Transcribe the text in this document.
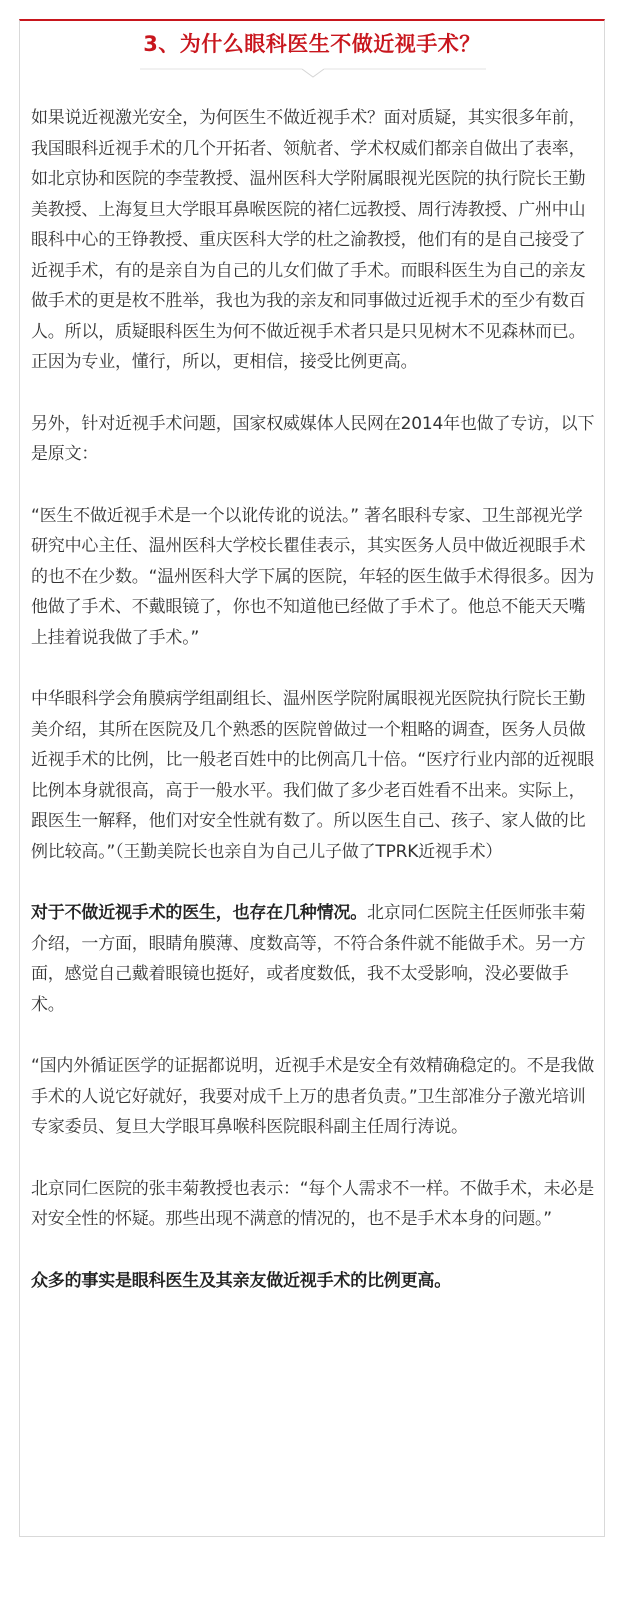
3、为什么眼科医生不做近视手术？

如果说近视激光安全，为何医生不做近视手术？面对质疑，其实很多年前，我国眼科近视手术的几个开拓者、领航者、学术权威们都亲自做出了表率，如北京协和医院的李莹教授、温州医科大学附属眼视光医院的执行院长王勤美教授、上海复旦大学眼耳鼻喉医院的褚仁远教授、周行涛教授、广州中山眼科中心的王铮教授、重庆医科大学的杜之渝教授，他们有的是自己接受了近视手术，有的是亲自为自己的儿女们做了手术。而眼科医生为自己的亲友做手术的更是枚不胜举，我也为我的亲友和同事做过近视手术的至少有数百人。所以，质疑眼科医生为何不做近视手术者只是只见树木不见森林而已。正因为专业，懂行，所以，更相信，接受比例更高。

另外，针对近视手术问题，国家权威媒体人民网在2014年也做了专访，以下是原文：

“医生不做近视手术是一个以讹传讹的说法。” 著名眼科专家、卫生部视光学研究中心主任、温州医科大学校长瞿佳表示，其实医务人员中做近视眼手术的也不在少数。“温州医科大学下属的医院，年轻的医生做手术得很多。因为他做了手术、不戴眼镜了，你也不知道他已经做了手术了。他总不能天天嘴上挂着说我做了手术。”

中华眼科学会角膜病学组副组长、温州医学院附属眼视光医院执行院长王勤美介绍，其所在医院及几个熟悉的医院曾做过一个粗略的调查，医务人员做近视手术的比例，比一般老百姓中的比例高几十倍。“医疗行业内部的近视眼比例本身就很高，高于一般水平。我们做了多少老百姓看不出来。实际上，跟医生一解释，他们对安全性就有数了。所以医生自己、孩子、家人做的比例比较高。”（王勤美院长也亲自为自己儿子做了TPRK近视手术）

对于不做近视手术的医生，也存在几种情况。北京同仁医院主任医师张丰菊介绍，一方面，眼睛角膜薄、度数高等，不符合条件就不能做手术。另一方面，感觉自己戴着眼镜也挺好，或者度数低，我不太受影响，没必要做手术。

“国内外循证医学的证据都说明，近视手术是安全有效精确稳定的。不是我做手术的人说它好就好，我要对成千上万的患者负责。”卫生部准分子激光培训专家委员、复旦大学眼耳鼻喉科医院眼科副主任周行涛说。

北京同仁医院的张丰菊教授也表示：“每个人需求不一样。不做手术，未必是对安全性的怀疑。那些出现不满意的情况的，也不是手术本身的问题。”

众多的事实是眼科医生及其亲友做近视手术的比例更高。
